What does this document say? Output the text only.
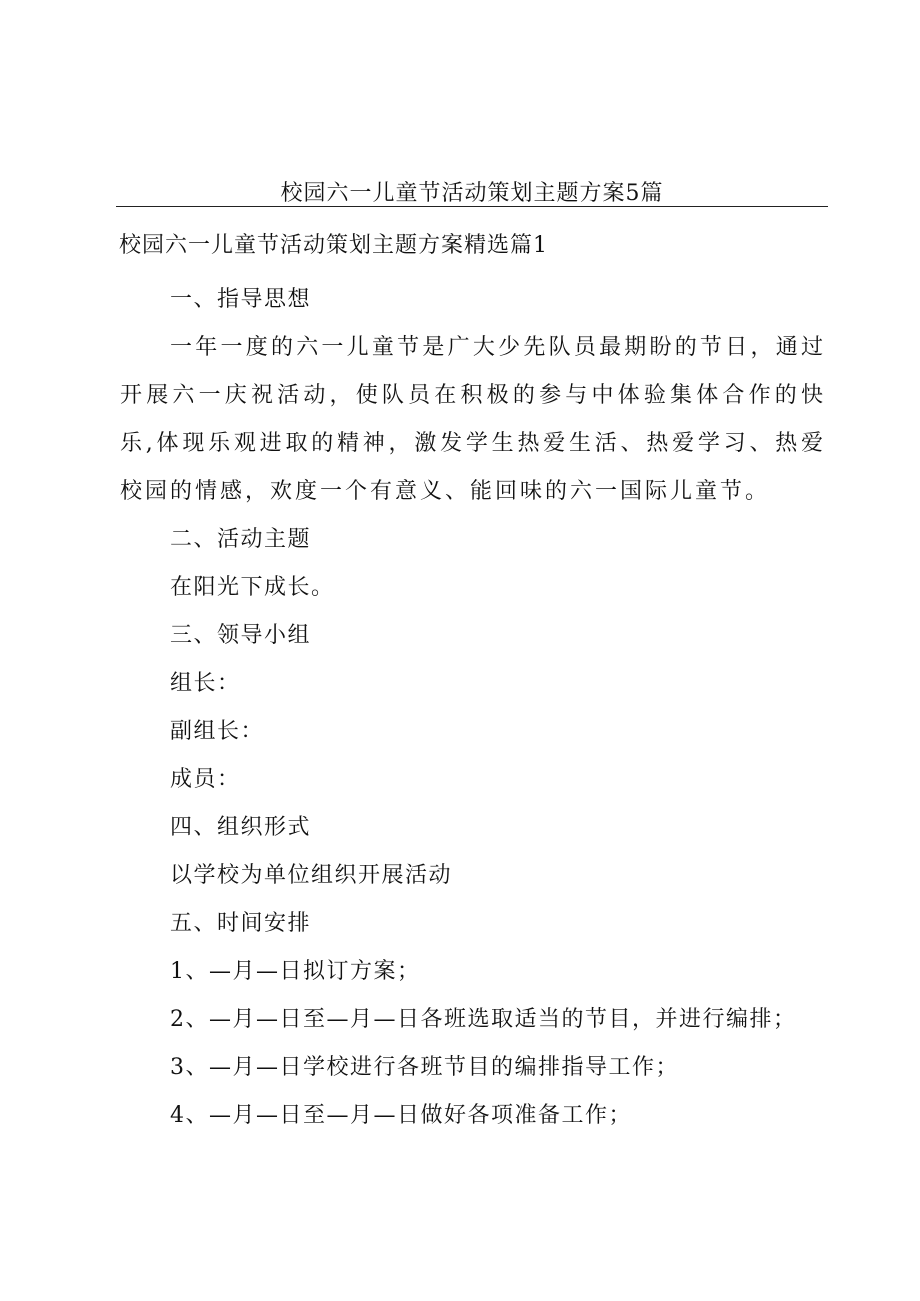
校园六一儿童节活动策划主题方案5篇
校园六一儿童节活动策划主题方案精选篇1
一、指导思想

一年一度的六一儿童节是广大少先队员最期盼的节日，通过开展六一庆祝活动，使队员在积极的参与中体验集体合作的快乐,体现乐观进取的精神，激发学生热爱生活、热爱学习、热爱校园的情感，欢度一个有意义、能回味的六一国际儿童节。

二、活动主题
在阳光下成长。
三、领导小组
组长：
副组长：
成员：
四、组织形式
以学校为单位组织开展活动
五、时间安排
1、—月—日拟订方案；
2、—月—日至—月—日各班选取适当的节目，并进行编排；
3、—月—日学校进行各班节目的编排指导工作；
4、—月—日至—月—日做好各项准备工作；
